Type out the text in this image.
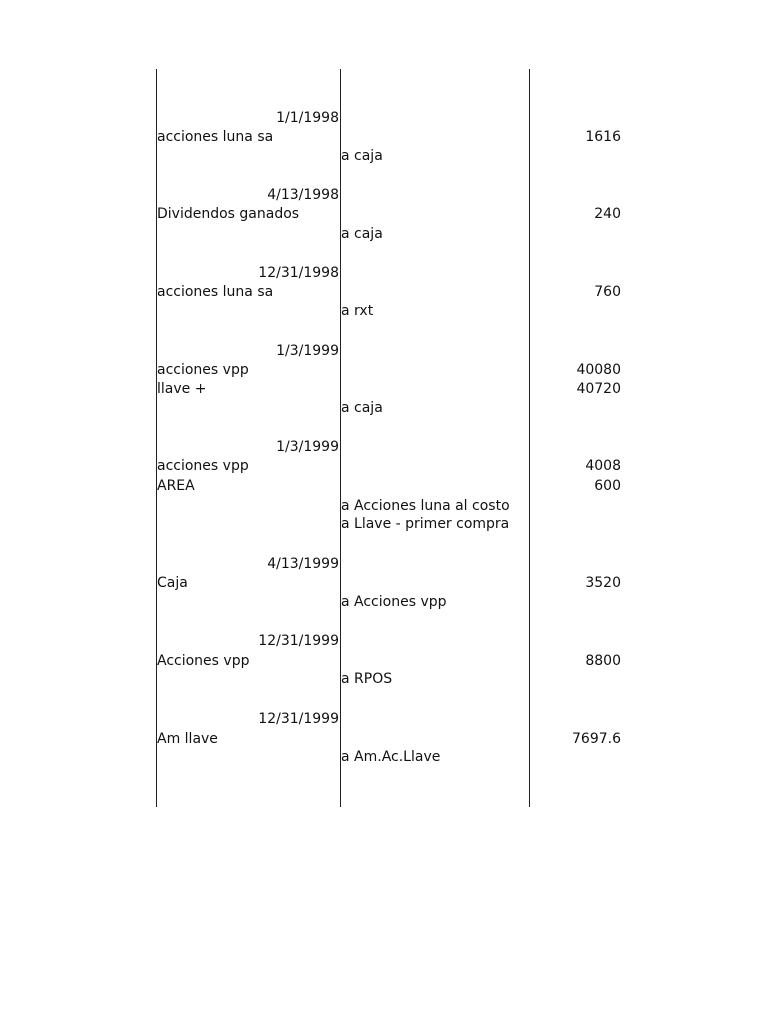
1/1/1998
acciones luna sa	1616
a caja
4/13/1998
Dividendos ganados	240
a caja
12/31/1998
acciones luna sa	760
a rxt
1/3/1999
acciones vpp	40080
llave +	40720
a caja
1/3/1999
acciones vpp	4008
AREA	600
a Acciones luna al costo
a Llave - primer compra
4/13/1999
Caja	3520
a Acciones vpp
12/31/1999
Acciones vpp	8800
a RPOS
12/31/1999
Am llave	7697.6
a Am.Ac.Llave
